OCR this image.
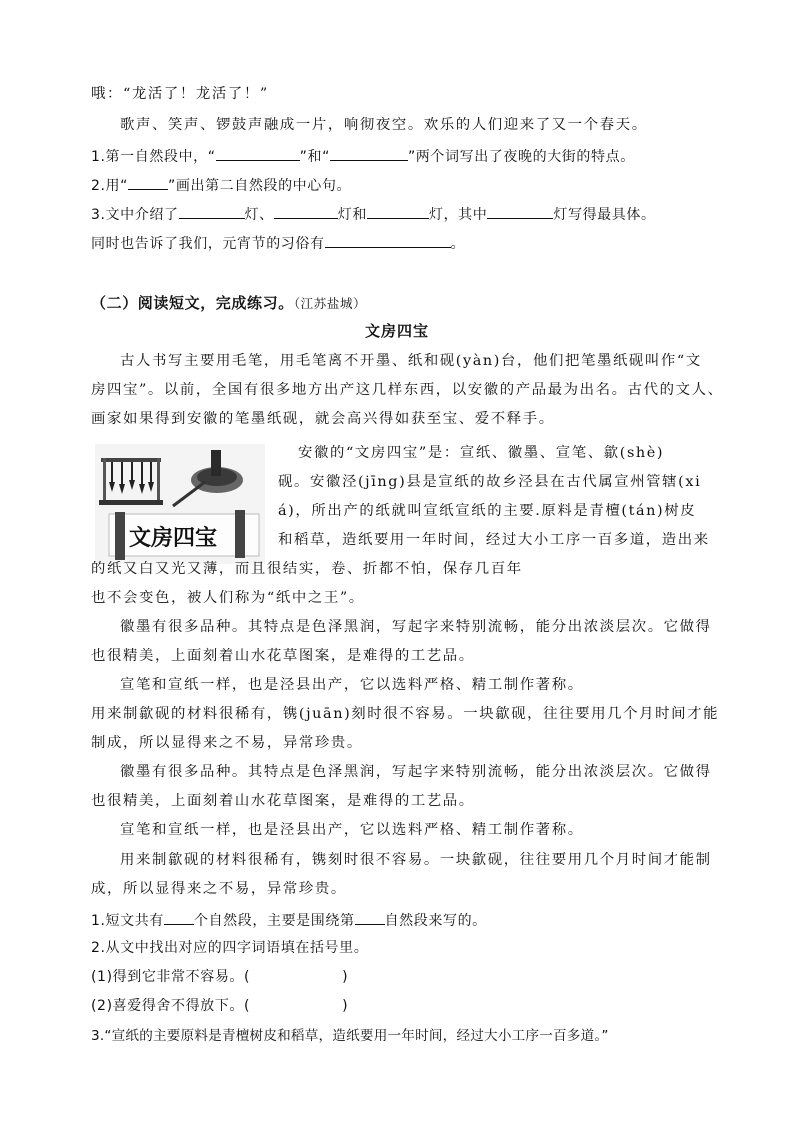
哦：“龙活了！龙活了！”
歌声、笑声、锣鼓声融成一片，响彻夜空。欢乐的人们迎来了又一个春天。
1.第一自然段中，“	”和“	”两个词写出了夜晚的大街的特点。
2.用“	”画出第二自然段的中心句。
3.文中介绍了	灯、	灯和	灯，其中	灯写得最具体。
同时也告诉了我们，元宵节的习俗有	。
（二）阅读短文，完成练习。（江苏盐城）
文房四宝
古人书写主要用毛笔，用毛笔离不开墨、纸和砚(yàn)台，他们把笔墨纸砚叫作“文
房四宝”。以前，全国有很多地方出产这几样东西，以安徽的产品最为出名。古代的文人、
画家如果得到安徽的笔墨纸砚，就会高兴得如获至宝、爱不释手。
文房四宝
安徽的“文房四宝”是：宣纸、徽墨、宣笔、歙(shè)
砚。安徽泾(jīng)县是宣纸的故乡泾县在古代属宣州管辖(xi
á)，所出产的纸就叫宣纸宣纸的主要.原料是青檀(tán)树皮
和稻草，造纸要用一年时间，经过大小工序一百多道，造出来
的纸又白又光又薄，而且很结实，卷、折都不怕，保存几百年
也不会变色，被人们称为“纸中之王”。
徽墨有很多品种。其特点是色泽黑润，写起字来特别流畅，能分出浓淡层次。它做得
也很精美，上面刻着山水花草图案，是难得的工艺品。
宣笔和宣纸一样，也是泾县出产，它以选料严格、精工制作著称。
用来制歙砚的材料很稀有，镌(juān)刻时很不容易。一块歙砚，往往要用几个月时间才能
制成，所以显得来之不易，异常珍贵。
徽墨有很多品种。其特点是色泽黑润，写起字来特别流畅，能分出浓淡层次。它做得
也很精美，上面刻着山水花草图案，是难得的工艺品。
宣笔和宣纸一样，也是泾县出产，它以选料严格、精工制作著称。
用来制歙砚的材料很稀有，镌刻时很不容易。一块歙砚，往往要用几个月时间才能制
成，所以显得来之不易，异常珍贵。
1.短文共有 个自然段，主要是围绕第 自然段来写的。
2.从文中找出对应的四字词语填在括号里。
(1)得到它非常不容易。(	)
(2)喜爱得舍不得放下。(	)
3.“宣纸的主要原料是青檀树皮和稻草，造纸要用一年时间，经过大小工序一百多道。”
